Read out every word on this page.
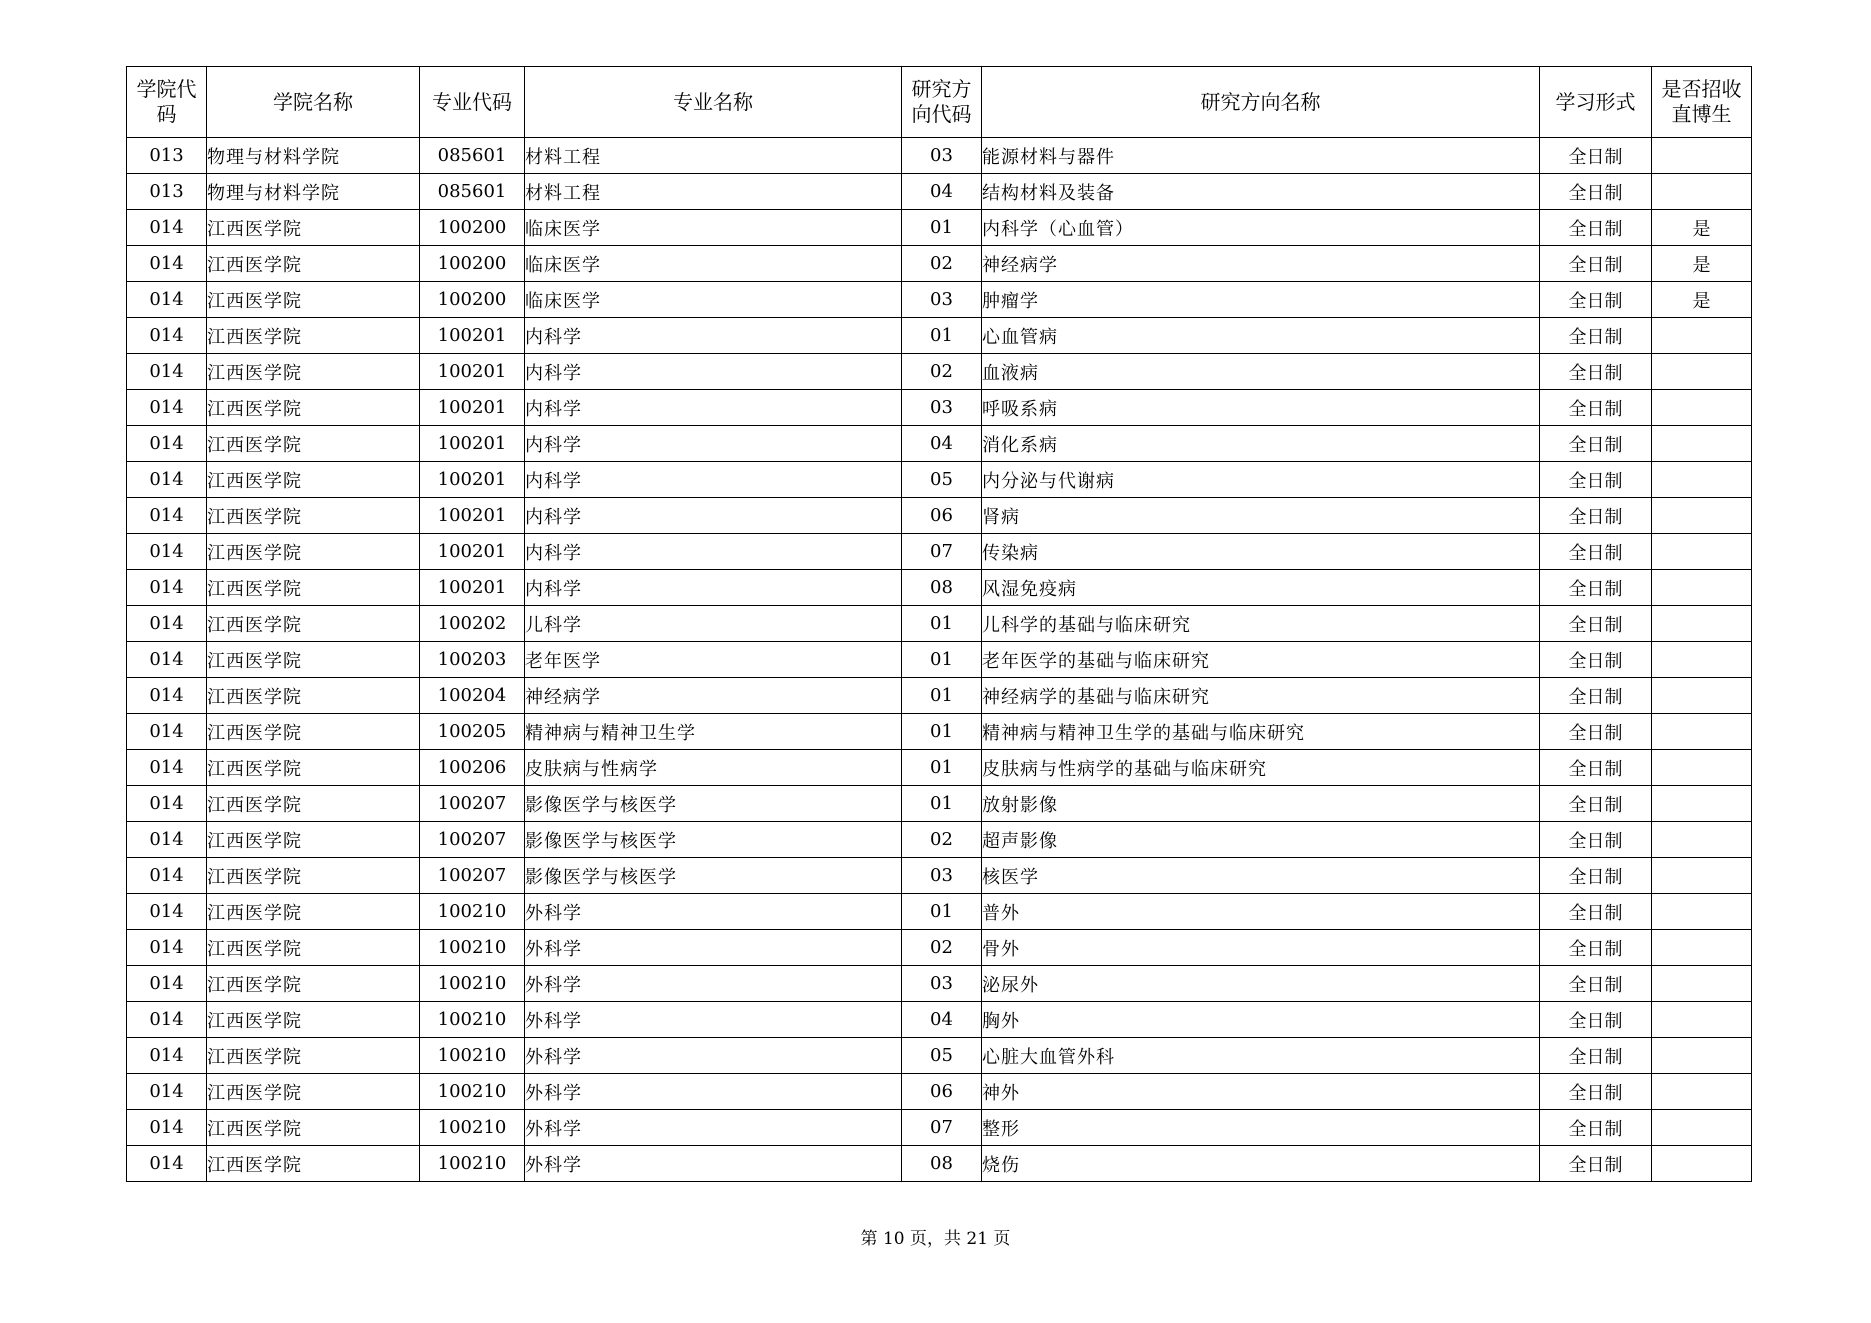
学院代码	学院名称	专业代码	专业名称	研究方向代码	研究方向名称	学习形式	是否招收直博生
013	物理与材料学院	085601	材料工程	03	能源材料与器件	全日制	
013	物理与材料学院	085601	材料工程	04	结构材料及装备	全日制	
014	江西医学院	100200	临床医学	01	内科学（心血管）	全日制	是
014	江西医学院	100200	临床医学	02	神经病学	全日制	是
014	江西医学院	100200	临床医学	03	肿瘤学	全日制	是
014	江西医学院	100201	内科学	01	心血管病	全日制	
014	江西医学院	100201	内科学	02	血液病	全日制	
014	江西医学院	100201	内科学	03	呼吸系病	全日制	
014	江西医学院	100201	内科学	04	消化系病	全日制	
014	江西医学院	100201	内科学	05	内分泌与代谢病	全日制	
014	江西医学院	100201	内科学	06	肾病	全日制	
014	江西医学院	100201	内科学	07	传染病	全日制	
014	江西医学院	100201	内科学	08	风湿免疫病	全日制	
014	江西医学院	100202	儿科学	01	儿科学的基础与临床研究	全日制	
014	江西医学院	100203	老年医学	01	老年医学的基础与临床研究	全日制	
014	江西医学院	100204	神经病学	01	神经病学的基础与临床研究	全日制	
014	江西医学院	100205	精神病与精神卫生学	01	精神病与精神卫生学的基础与临床研究	全日制	
014	江西医学院	100206	皮肤病与性病学	01	皮肤病与性病学的基础与临床研究	全日制	
014	江西医学院	100207	影像医学与核医学	01	放射影像	全日制	
014	江西医学院	100207	影像医学与核医学	02	超声影像	全日制	
014	江西医学院	100207	影像医学与核医学	03	核医学	全日制	
014	江西医学院	100210	外科学	01	普外	全日制	
014	江西医学院	100210	外科学	02	骨外	全日制	
014	江西医学院	100210	外科学	03	泌尿外	全日制	
014	江西医学院	100210	外科学	04	胸外	全日制	
014	江西医学院	100210	外科学	05	心脏大血管外科	全日制	
014	江西医学院	100210	外科学	06	神外	全日制	
014	江西医学院	100210	外科学	07	整形	全日制	
014	江西医学院	100210	外科学	08	烧伤	全日制	
第 10 页，共 21 页
